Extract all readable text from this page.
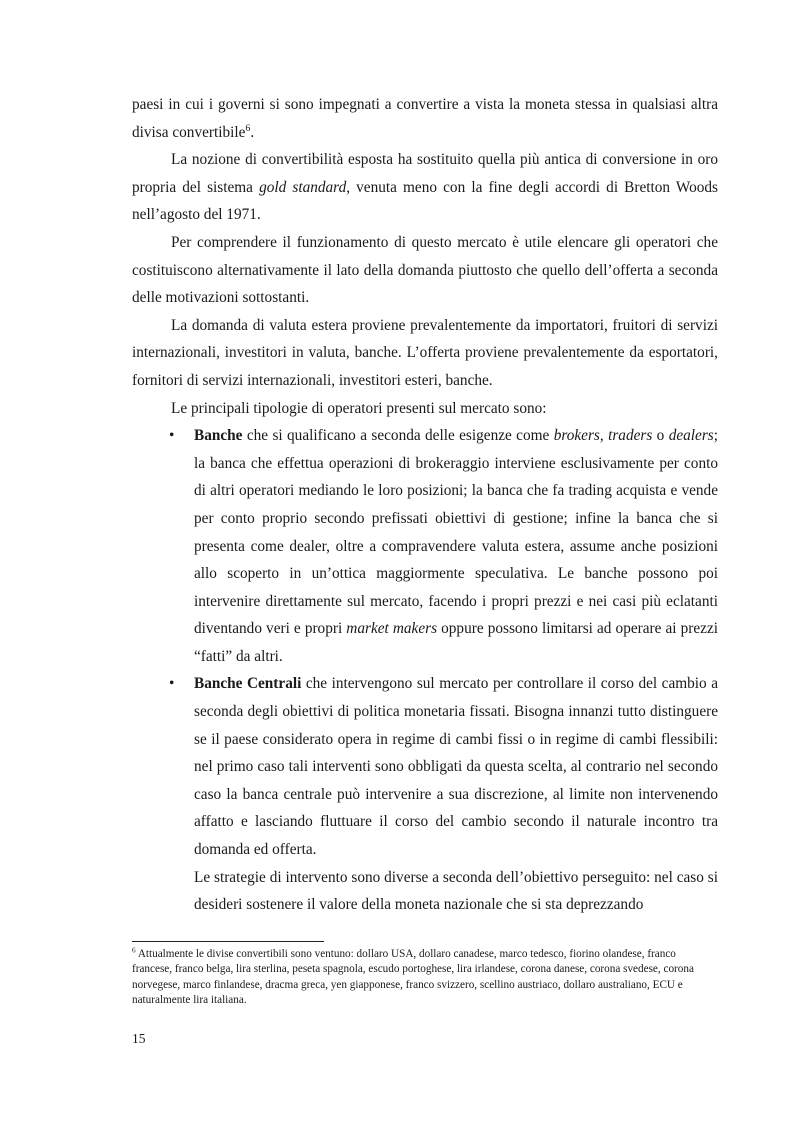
paesi in cui i governi si sono impegnati a convertire a vista la moneta stessa in qualsiasi altra divisa convertibile$^6$.

La nozione di convertibilità esposta ha sostituito quella più antica di conversione in oro propria del sistema gold standard, venuta meno con la fine degli accordi di Bretton Woods nell’agosto del 1971.

Per comprendere il funzionamento di questo mercato è utile elencare gli operatori che costituiscono alternativamente il lato della domanda piuttosto che quello dell’offerta a seconda delle motivazioni sottostanti.

La domanda di valuta estera proviene prevalentemente da importatori, fruitori di servizi internazionali, investitori in valuta, banche. L’offerta proviene prevalentemente da esportatori, fornitori di servizi internazionali, investitori esteri, banche.

Le principali tipologie di operatori presenti sul mercato sono:

• Banche che si qualificano a seconda delle esigenze come brokers, traders o dealers; la banca che effettua operazioni di brokeraggio interviene esclusivamente per conto di altri operatori mediando le loro posizioni; la banca che fa trading acquista e vende per conto proprio secondo prefissati obiettivi di gestione; infine la banca che si presenta come dealer, oltre a compravendere valuta estera, assume anche posizioni allo scoperto in un’ottica maggiormente speculativa. Le banche possono poi intervenire direttamente sul mercato, facendo i propri prezzi e nei casi più eclatanti diventando veri e propri market makers oppure possono limitarsi ad operare ai prezzi “fatti” da altri.
• Banche Centrali che intervengono sul mercato per controllare il corso del cambio a seconda degli obiettivi di politica monetaria fissati. Bisogna innanzi tutto distinguere se il paese considerato opera in regime di cambi fissi o in regime di cambi flessibili: nel primo caso tali interventi sono obbligati da questa scelta, al contrario nel secondo caso la banca centrale può intervenire a sua discrezione, al limite non intervenendo affatto e lasciando fluttuare il corso del cambio secondo il naturale incontro tra domanda ed offerta.

Le strategie di intervento sono diverse a seconda dell’obiettivo perseguito: nel caso si desideri sostenere il valore della moneta nazionale che si sta deprezzando

$^6$ Attualmente le divise convertibili sono ventuno: dollaro USA, dollaro canadese, marco tedesco, fiorino olandese, franco francese, franco belga, lira sterlina, peseta spagnola, escudo portoghese, lira irlandese, corona danese, corona svedese, corona norvegese, marco finlandese, dracma greca, yen giapponese, franco svizzero, scellino austriaco, dollaro australiano, ECU e naturalmente lira italiana.
15
